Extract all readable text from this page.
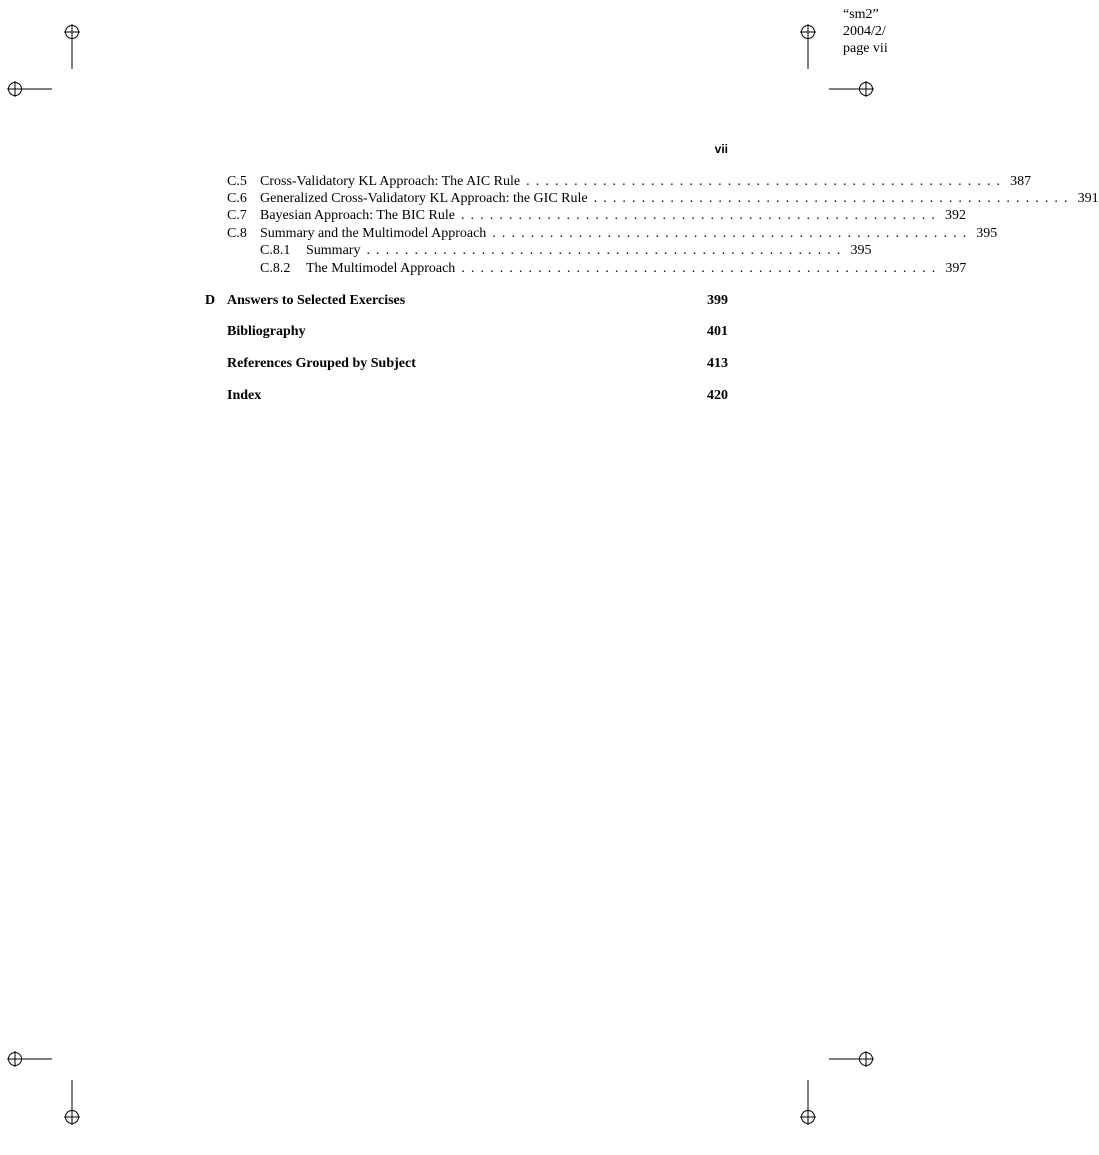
“sm2”
2004/2/
page vii
vii
C.5 Cross-Validatory KL Approach: The AIC Rule .................................................. 387
C.6 Generalized Cross-Validatory KL Approach: the GIC Rule .................................................. 391
C.7 Bayesian Approach: The BIC Rule .................................................. 392
C.8 Summary and the Multimodel Approach .................................................. 395
C.8.1	Summary .................................................. 395
C.8.2	The Multimodel Approach .................................................. 397
D Answers to Selected Exercises	399
Bibliography	401
References Grouped by Subject	413
Index	420
